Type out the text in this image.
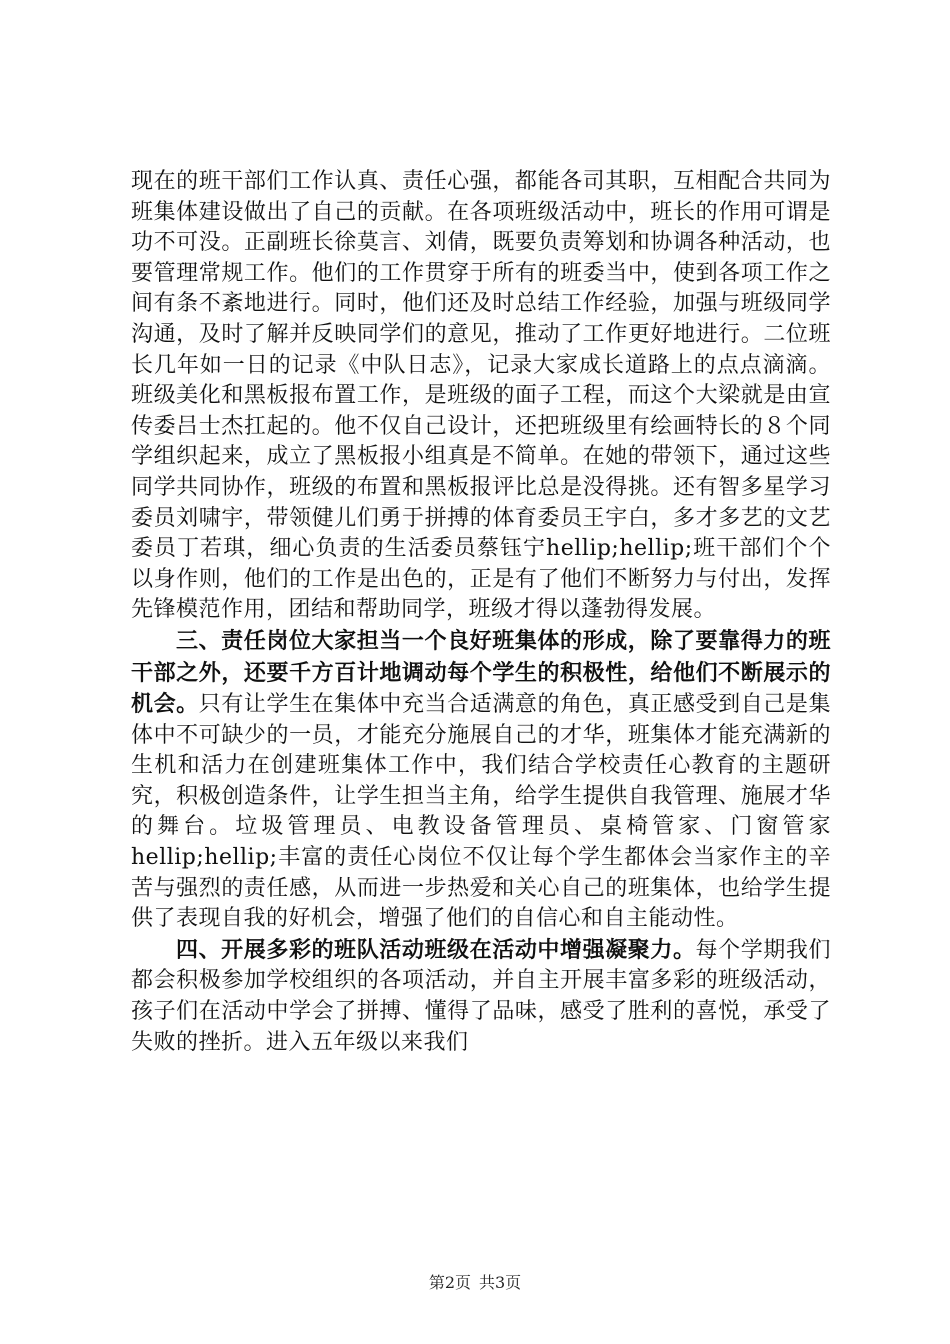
现在的班干部们工作认真、责任心强，都能各司其职，互相配合共同为班集体建设做出了自己的贡献。在各项班级活动中，班长的作用可谓是功不可没。正副班长徐莫言、刘倩，既要负责筹划和协调各种活动，也要管理常规工作。他们的工作贯穿于所有的班委当中，使到各项工作之间有条不紊地进行。同时，他们还及时总结工作经验，加强与班级同学沟通，及时了解并反映同学们的意见，推动了工作更好地进行。二位班长几年如一日的记录《中队日志》，记录大家成长道路上的点点滴滴。班级美化和黑板报布置工作，是班级的面子工程，而这个大梁就是由宣传委吕士杰扛起的。他不仅自己设计，还把班级里有绘画特长的８个同学组织起来，成立了黑板报小组真是不简单。在她的带领下，通过这些同学共同协作，班级的布置和黑板报评比总是没得挑。还有智多星学习委员刘啸宇，带领健儿们勇于拼搏的体育委员王宇白，多才多艺的文艺委员丁若琪，细心负责的生活委员蔡钰宁hellip;hellip;班干部们个个以身作则，他们的工作是出色的，正是有了他们不断努力与付出，发挥先锋模范作用，团结和帮助同学，班级才得以蓬勃得发展。

三、责任岗位大家担当一个良好班集体的形成，除了要靠得力的班干部之外，还要千方百计地调动每个学生的积极性，给他们不断展示的机会。只有让学生在集体中充当合适满意的角色，真正感受到自己是集体中不可缺少的一员，才能充分施展自己的才华，班集体才能充满新的生机和活力在创建班集体工作中，我们结合学校责任心教育的主题研究，积极创造条件，让学生担当主角，给学生提供自我管理、施展才华的舞台。垃圾管理员、电教设备管理员、桌椅管家、门窗管家hellip;hellip;丰富的责任心岗位不仅让每个学生都体会当家作主的辛苦与强烈的责任感，从而进一步热爱和关心自己的班集体，也给学生提供了表现自我的好机会，增强了他们的自信心和自主能动性。

四、开展多彩的班队活动班级在活动中增强凝聚力。每个学期我们都会积极参加学校组织的各项活动，并自主开展丰富多彩的班级活动，孩子们在活动中学会了拼搏、懂得了品味，感受了胜利的喜悦，承受了失败的挫折。进入五年级以来我们

第2页 共3页
